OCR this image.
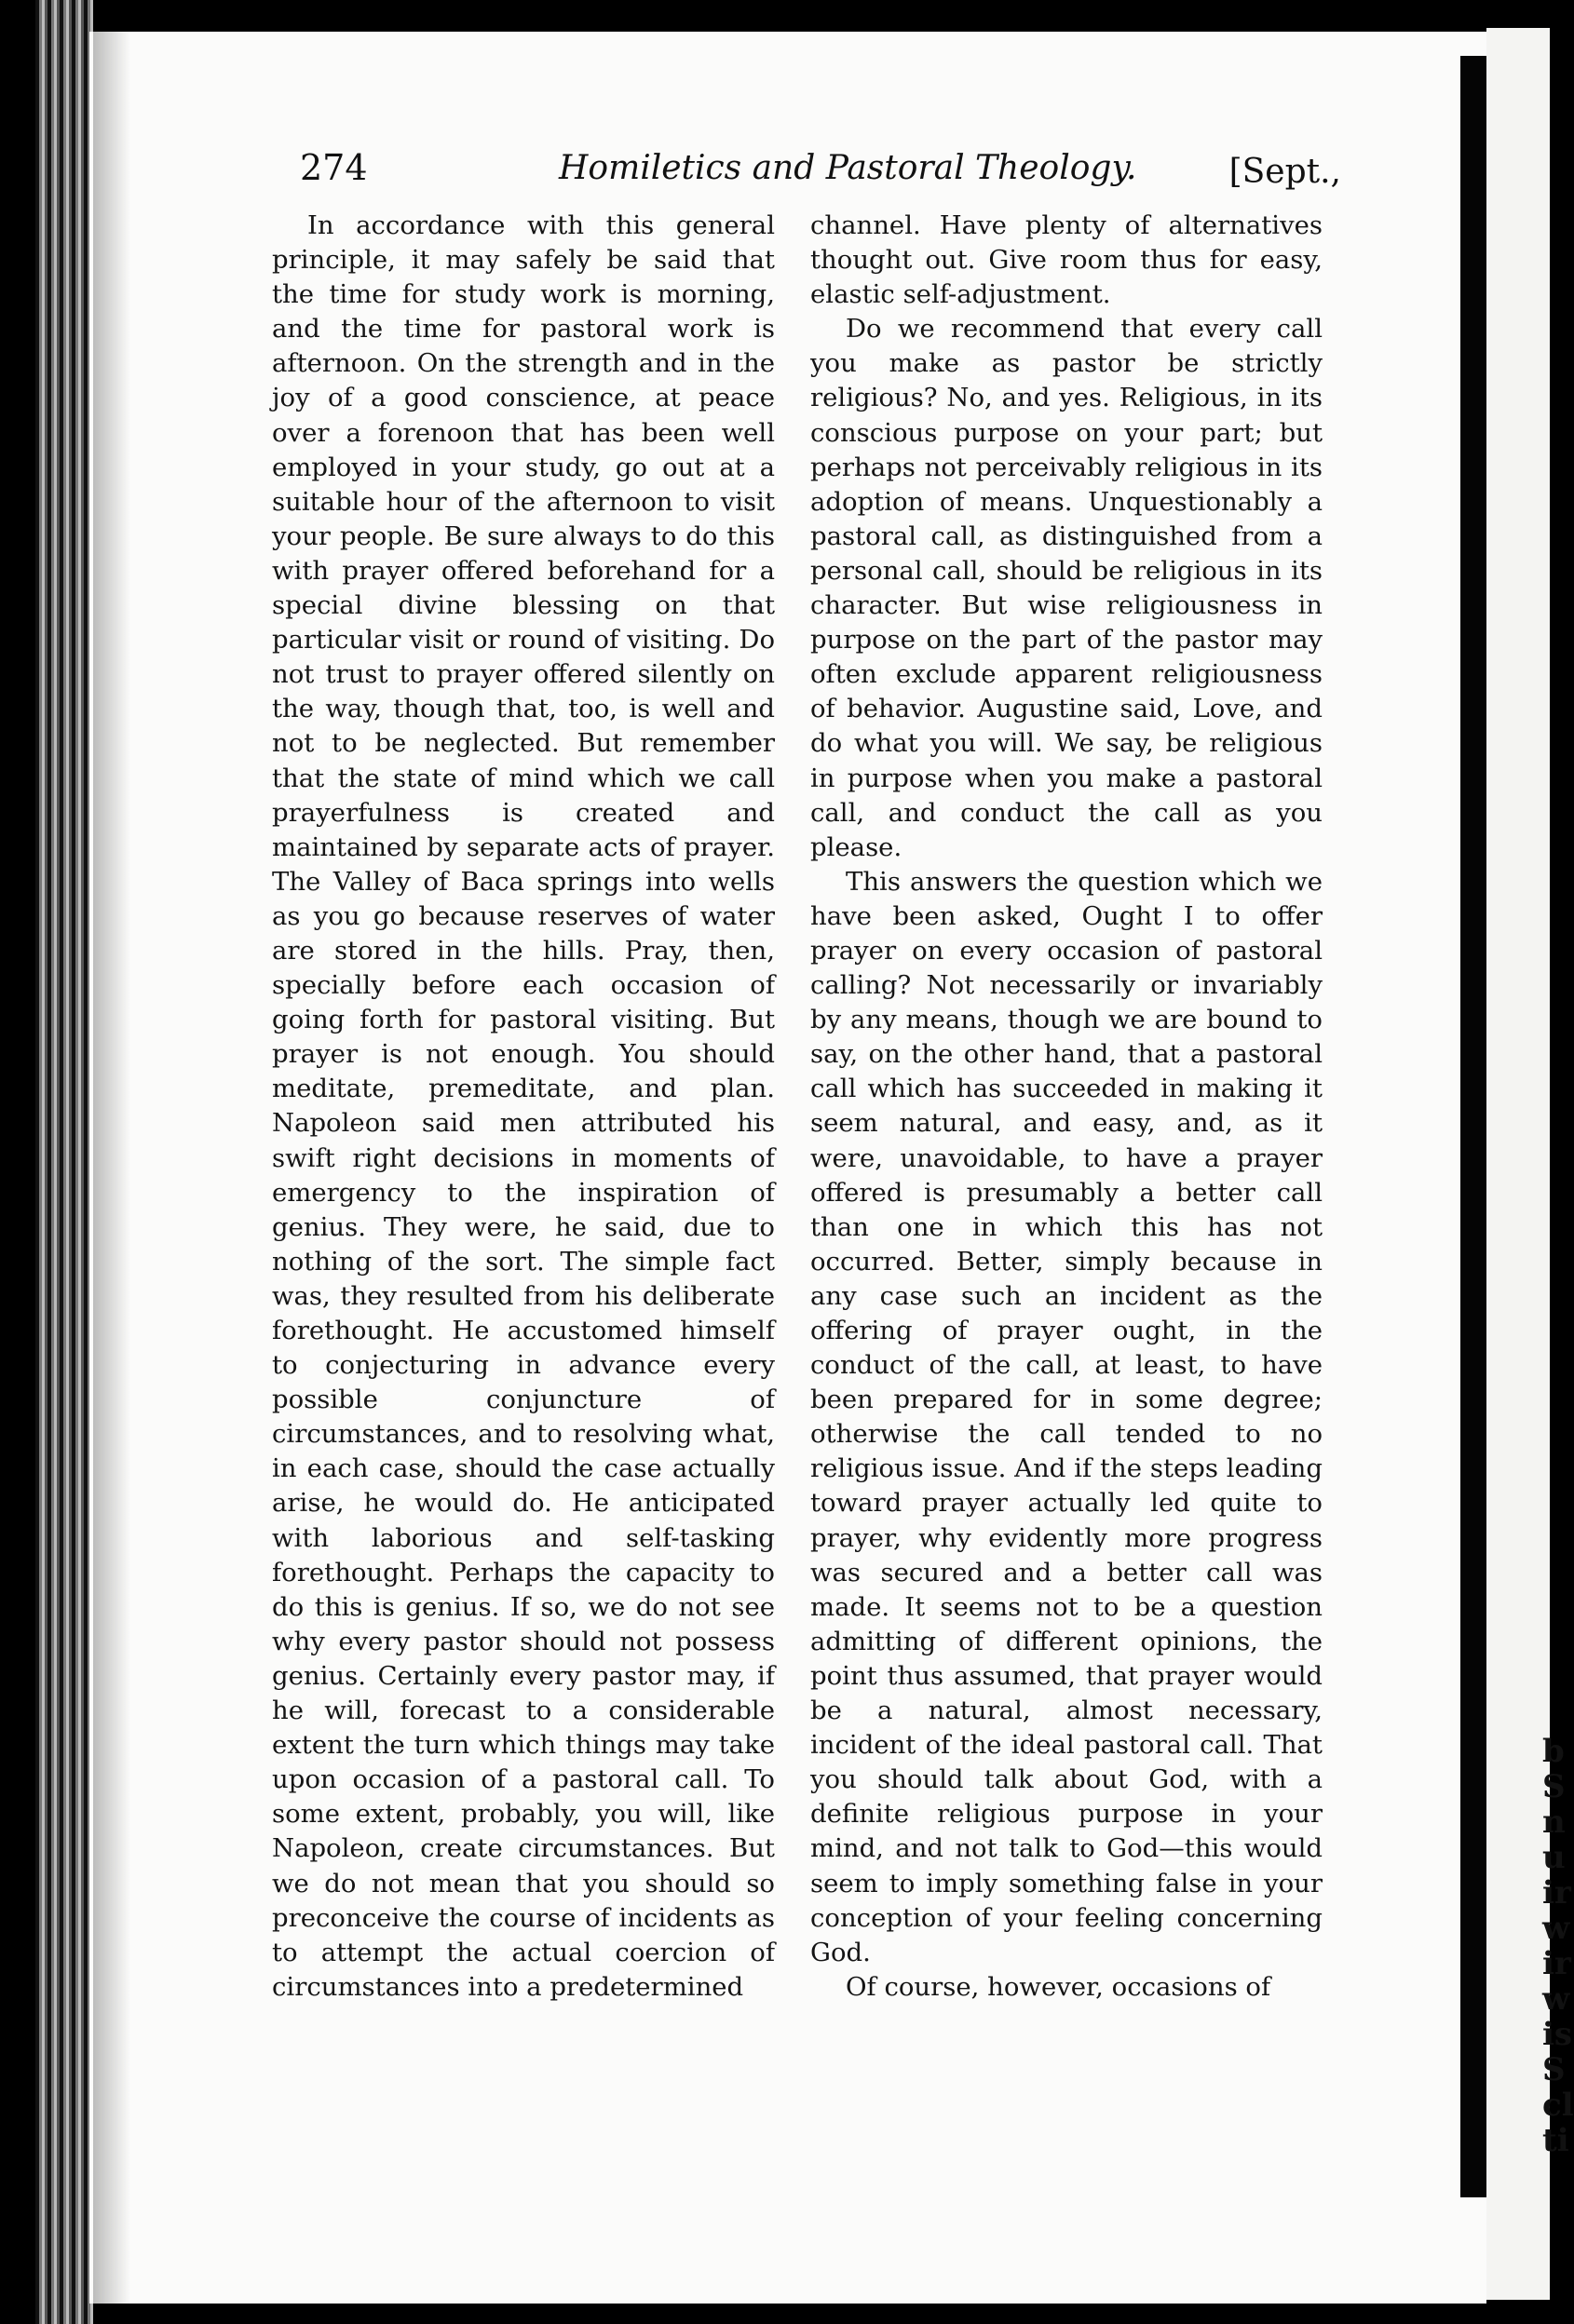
b
S
n
u
ir
w
ir
w
is
S
cl
ti
274	Homiletics and Pastoral Theology.	[Sept.,

In accordance with this general principle, it may safely be said that the time for study work is morning, and the time for pastoral work is afternoon. On the strength and in the joy of a good conscience, at peace over a forenoon that has been well employed in your study, go out at a suitable hour of the afternoon to visit your people. Be sure always to do this with prayer offered beforehand for a special divine blessing on that particular visit or round of visiting. Do not trust to prayer offered silently on the way, though that, too, is well and not to be neglected. But remember that the state of mind which we call prayerfulness is created and maintained by separate acts of prayer. The Valley of Baca springs into wells as you go because reserves of water are stored in the hills. Pray, then, specially before each occasion of going forth for pastoral visiting. But prayer is not enough. You should meditate, premeditate, and plan. Napoleon said men attributed his swift right decisions in moments of emergency to the inspiration of genius. They were, he said, due to nothing of the sort. The simple fact was, they resulted from his deliberate forethought. He accustomed himself to conjecturing in advance every possible conjuncture of circumstances, and to resolving what, in each case, should the case actually arise, he would do. He anticipated with laborious and self-tasking forethought. Perhaps the capacity to do this is genius. If so, we do not see why every pastor should not possess genius. Certainly every pastor may, if he will, forecast to a considerable extent the turn which things may take upon occasion of a pastoral call. To some extent, probably, you will, like Napoleon, create circumstances. But we do not mean that you should so preconceive the course of incidents as to attempt the actual coercion of circumstances into a predetermined

channel. Have plenty of alternatives thought out. Give room thus for easy, elastic self-adjustment.

Do we recommend that every call you make as pastor be strictly religious? No, and yes. Religious, in its conscious purpose on your part; but perhaps not perceivably religious in its adoption of means. Unquestionably a pastoral call, as distinguished from a personal call, should be religious in its character. But wise religiousness in purpose on the part of the pastor may often exclude apparent religiousness of behavior. Augustine said, Love, and do what you will. We say, be religious in purpose when you make a pastoral call, and conduct the call as you please.

This answers the question which we have been asked, Ought I to offer prayer on every occasion of pastoral calling? Not necessarily or invariably by any means, though we are bound to say, on the other hand, that a pastoral call which has succeeded in making it seem natural, and easy, and, as it were, unavoidable, to have a prayer offered is presumably a better call than one in which this has not occurred. Better, simply because in any case such an incident as the offering of prayer ought, in the conduct of the call, at least, to have been prepared for in some degree; otherwise the call tended to no religious issue. And if the steps leading toward prayer actually led quite to prayer, why evidently more progress was secured and a better call was made. It seems not to be a question admitting of different opinions, the point thus assumed, that prayer would be a natural, almost necessary, incident of the ideal pastoral call. That you should talk about God, with a definite religious purpose in your mind, and not talk to God—this would seem to imply something false in your conception of your feeling concerning God.

Of course, however, occasions of
